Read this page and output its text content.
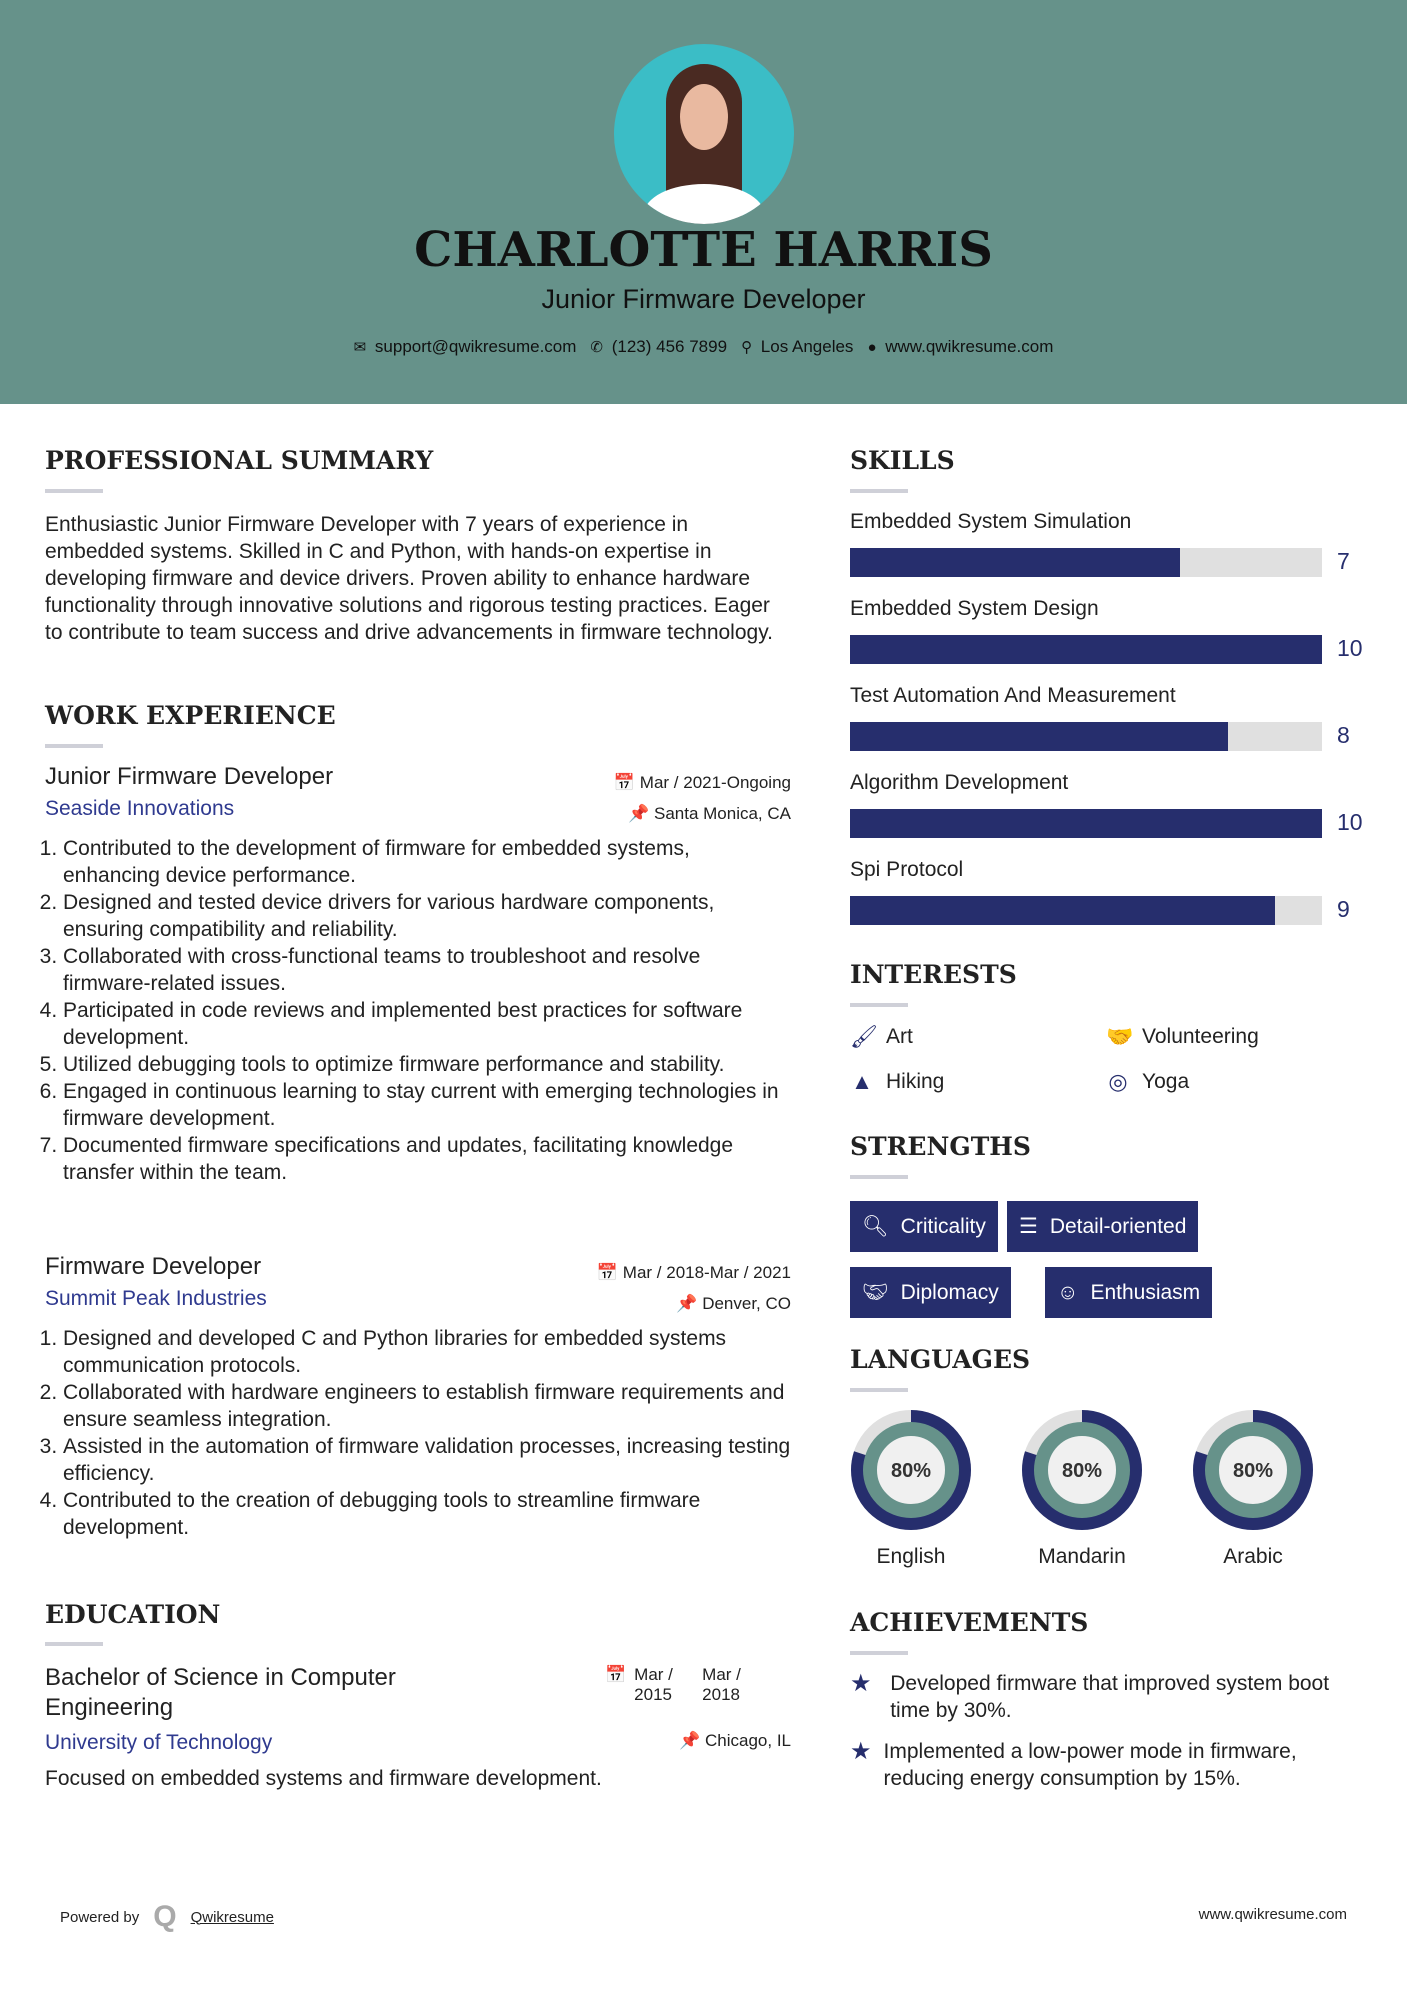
CHARLOTTE HARRIS
Junior Firmware Developer
✉ support@qwikresume.com ✆ (123) 456 7899 ⚲ Los Angeles ● www.qwikresume.com
PROFESSIONAL SUMMARY
Enthusiastic Junior Firmware Developer with 7 years of experience in embedded systems. Skilled in C and Python, with hands-on expertise in developing firmware and device drivers. Proven ability to enhance hardware functionality through innovative solutions and rigorous testing practices. Eager to contribute to team success and drive advancements in firmware technology.
WORK EXPERIENCE
Junior Firmware Developer	📅 Mar / 2021-Ongoing
Seaside Innovations	📌 Santa Monica, CA
1. Contributed to the development of firmware for embedded systems, enhancing device performance.
2. Designed and tested device drivers for various hardware components, ensuring compatibility and reliability.
3. Collaborated with cross-functional teams to troubleshoot and resolve firmware-related issues.
4. Participated in code reviews and implemented best practices for software development.
5. Utilized debugging tools to optimize firmware performance and stability.
6. Engaged in continuous learning to stay current with emerging technologies in firmware development.
7. Documented firmware specifications and updates, facilitating knowledge transfer within the team.
Firmware Developer	📅 Mar / 2018-Mar / 2021
Summit Peak Industries	📌 Denver, CO
1. Designed and developed C and Python libraries for embedded systems communication protocols.
2. Collaborated with hardware engineers to establish firmware requirements and ensure seamless integration.
3. Assisted in the automation of firmware validation processes, increasing testing efficiency.
4. Contributed to the creation of debugging tools to streamline firmware development.
EDUCATION
Bachelor of Science in Computer Engineering
📅 Mar / 2015
Mar / 2018
University of Technology	📌 Chicago, IL
Focused on embedded systems and firmware development.
SKILLS
Embedded System Simulation
7
Embedded System Design
10
Test Automation And Measurement
8
Algorithm Development
10
Spi Protocol
9
INTERESTS
🖌 Art	🤝 Volunteering
▲ Hiking	◎ Yoga
STRENGTHS
🔍︎ Criticality ☰ Detail-oriented
🤝︎ Diplomacy	☺ Enthusiasm
LANGUAGES
80%
English
80%
Mandarin
80%
Arabic
ACHIEVEMENTS
★ Developed firmware that improved system boot time by 30%.
★ Implemented a low-power mode in firmware, reducing energy consumption by 15%.
Powered by Q Qwikresume	www.qwikresume.com
